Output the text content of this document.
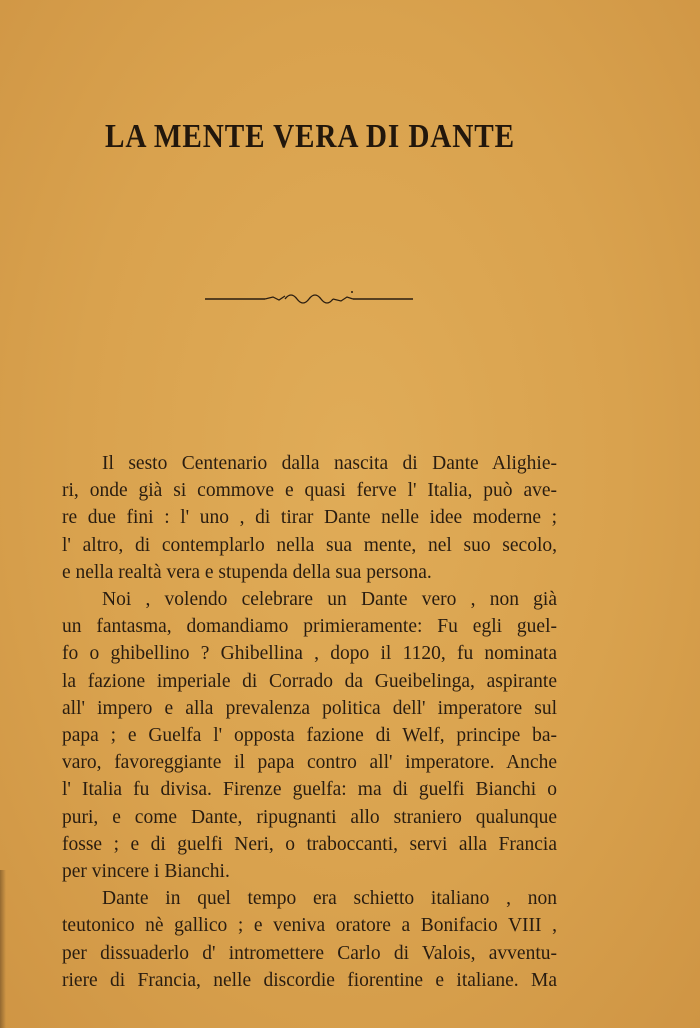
LA MENTE VERA DI DANTE
Il sesto Centenario dalla nascita di Dante Alighie-
ri, onde già si commove e quasi ferve l' Italia, può ave-
re due fini : l' uno , di tirar Dante nelle idee moderne ;
l' altro, di contemplarlo nella sua mente, nel suo secolo,
e nella realtà vera e stupenda della sua persona.
Noi , volendo celebrare un Dante vero , non già
un fantasma, domandiamo primieramente: Fu egli guel-
fo o ghibellino ? Ghibellina , dopo il 1120, fu nominata
la fazione imperiale di Corrado da Gueibelinga, aspirante
all' impero e alla prevalenza politica dell' imperatore sul
papa ; e Guelfa l' opposta fazione di Welf, principe ba-
varo, favoreggiante il papa contro all' imperatore. Anche
l' Italia fu divisa. Firenze guelfa: ma di guelfi Bianchi o
puri, e come Dante, ripugnanti allo straniero qualunque
fosse ; e di guelfi Neri, o traboccanti, servi alla Francia
per vincere i Bianchi.
Dante in quel tempo era schietto italiano , non
teutonico nè gallico ; e veniva oratore a Bonifacio VIII ,
per dissuaderlo d' intromettere Carlo di Valois, avventu-
riere di Francia, nelle discordie fiorentine e italiane. Ma
